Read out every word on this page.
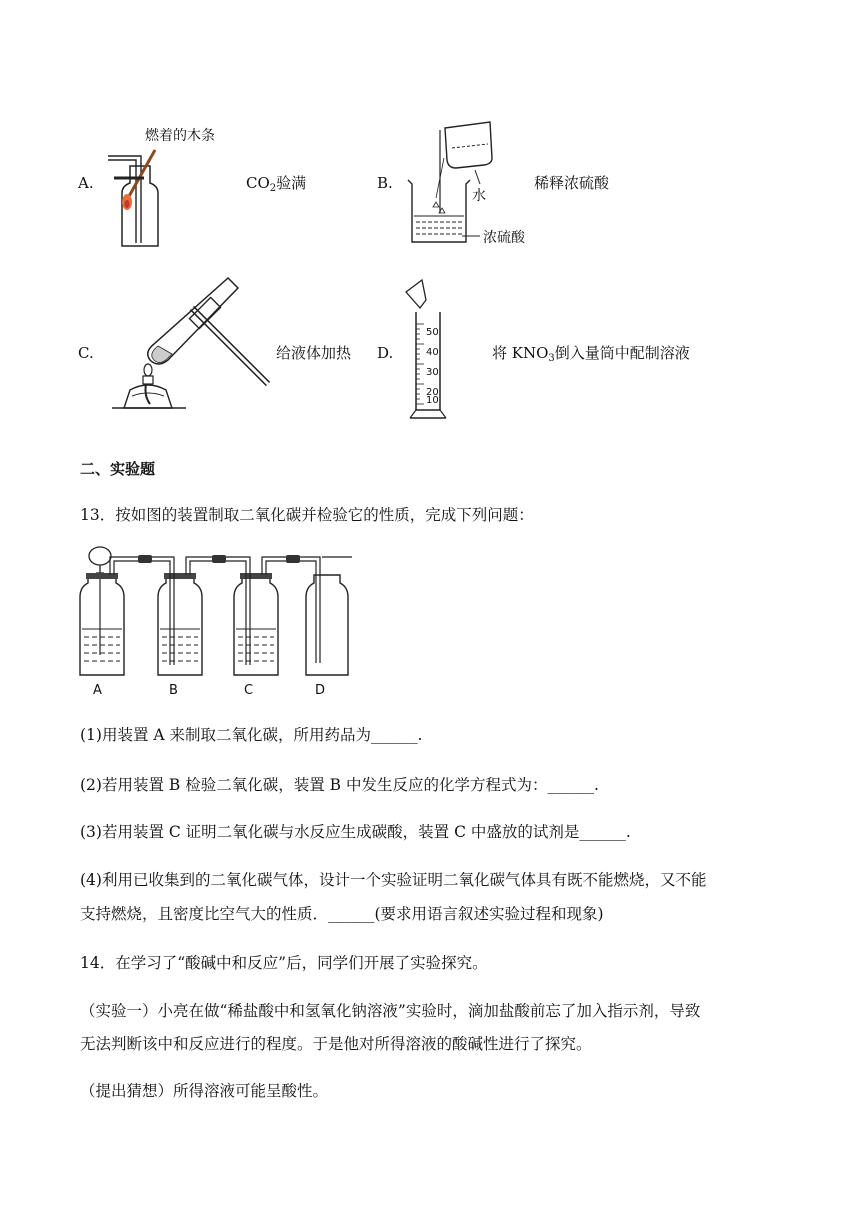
A.
燃着的木条
$CO_2$验满	B.
水
浓硫酸
稀释浓硫酸
C.	给液体加热 D.
50
40
30
20
10
将 $KNO_3$倒入量筒中配制溶液
二、实验题
13．按如图的装置制取二氧化碳并检验它的性质，完成下列问题：
A	B	C	D
(1)用装置 A 来制取二氧化碳，所用药品为______.
(2)若用装置 B 检验二氧化碳，装置 B 中发生反应的化学方程式为：______.
(3)若用装置 C 证明二氧化碳与水反应生成碳酸，装置 C 中盛放的试剂是______.
(4)利用已收集到的二氧化碳气体，设计一个实验证明二氧化碳气体具有既不能燃烧，又不能
支持燃烧，且密度比空气大的性质．______(要求用语言叙述实验过程和现象)
14．在学习了“酸碱中和反应”后，同学们开展了实验探究。
（实验一）小亮在做“稀盐酸中和氢氧化钠溶液”实验时，滴加盐酸前忘了加入指示剂，导致
无法判断该中和反应进行的程度。于是他对所得溶液的酸碱性进行了探究。
（提出猜想）所得溶液可能呈酸性。
